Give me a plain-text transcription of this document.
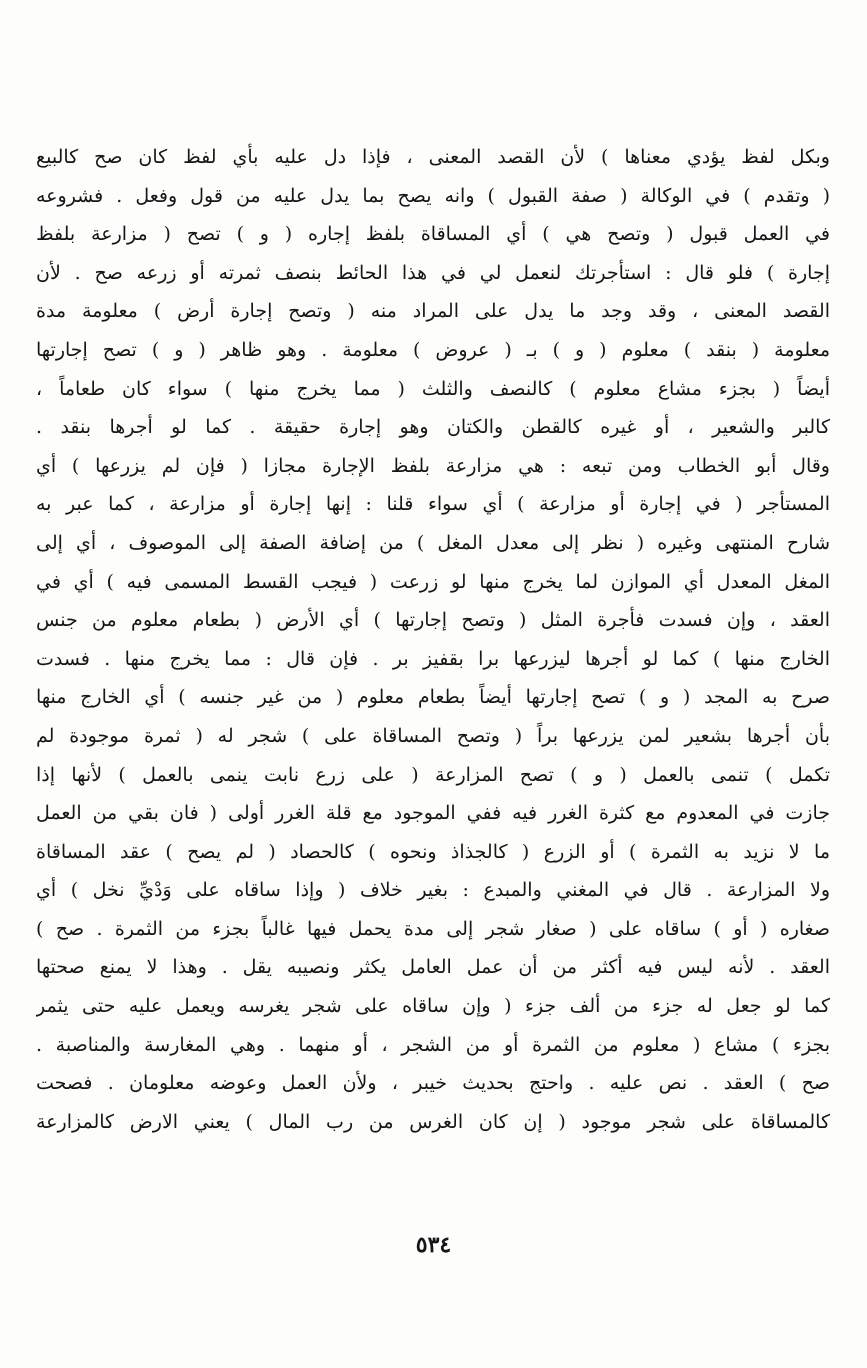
وبكل لفظ يؤدي معناها ) لأن القصد المعنى ، فإذا دل عليه بأي لفظ كان صح كالبيع
( وتقدم ) في الوكالة ( صفة القبول ) وانه يصح بما يدل عليه من قول وفعل . فشروعه
في العمل قبول ( وتصح هي ) أي المساقاة بلفظ إجاره ( و ) تصح ( مزارعة بلفظ
إجارة ) فلو قال : استأجرتك لنعمل لي في هذا الحائط بنصف ثمرته أو زرعه صح . لأن
القصد المعنى ، وقد وجد ما يدل على المراد منه ( وتصح إجارة أرض ) معلومة مدة
معلومة ( بنقد ) معلوم ( و ) بـ ( عروض ) معلومة . وهو ظاهر ( و ) تصح إجارتها
أيضاً ( بجزء مشاع معلوم ) كالنصف والثلث ( مما يخرج منها ) سواء كان طعاماً ،
كالبر والشعير ، أو غيره كالقطن والكتان وهو إجارة حقيقة . كما لو أجرها بنقد .
وقال أبو الخطاب ومن تبعه : هي مزارعة بلفظ الإجارة مجازا ( فإن لم يزرعها ) أي
المستأجر ( في إجارة أو مزارعة ) أي سواء قلنا : إنها إجارة أو مزارعة ، كما عبر به
شارح المنتهى وغيره ( نظر إلى معدل المغل ) من إضافة الصفة إلى الموصوف ، أي إلى
المغل المعدل أي الموازن لما يخرج منها لو زرعت ( فيجب القسط المسمى فيه ) أي في
العقد ، وإن فسدت فأجرة المثل ( وتصح إجارتها ) أي الأرض ( بطعام معلوم من جنس
الخارج منها ) كما لو أجرها ليزرعها برا بقفيز بر . فإن قال : مما يخرج منها . فسدت
صرح به المجد ( و ) تصح إجارتها أيضاً بطعام معلوم ( من غير جنسه ) أي الخارج منها
بأن أجرها بشعير لمن يزرعها براً ( وتصح المساقاة على ) شجر له ( ثمرة موجودة لم
تكمل ) تنمى بالعمل ( و ) تصح المزارعة ( على زرع نابت ينمى بالعمل ) لأنها إذا
جازت في المعدوم مع كثرة الغرر فيه ففي الموجود مع قلة الغرر أولى ( فان بقي من العمل
ما لا نزيد به الثمرة ) أو الزرع ( كالجذاذ ونحوه ) كالحصاد ( لم يصح ) عقد المساقاة
ولا المزارعة . قال في المغني والمبدع : بغير خلاف ( وإذا ساقاه على وَدْيِّ نخل ) أي
صغاره ( أو ) ساقاه على ( صغار شجر إلى مدة يحمل فيها غالباً بجزء من الثمرة . صح )
العقد . لأنه ليس فيه أكثر من أن عمل العامل يكثر ونصيبه يقل . وهذا لا يمنع صحتها
كما لو جعل له جزء من ألف جزء ( وإن ساقاه على شجر يغرسه ويعمل عليه حتى يثمر
بجزء ) مشاع ( معلوم من الثمرة أو من الشجر ، أو منهما . وهي المغارسة والمناصبة .
صح ) العقد . نص عليه . واحتج بحديث خيبر ، ولأن العمل وعوضه معلومان . فصحت
كالمساقاة على شجر موجود ( إن كان الغرس من رب المال ) يعني الارض كالمزارعة
٥٣٤
